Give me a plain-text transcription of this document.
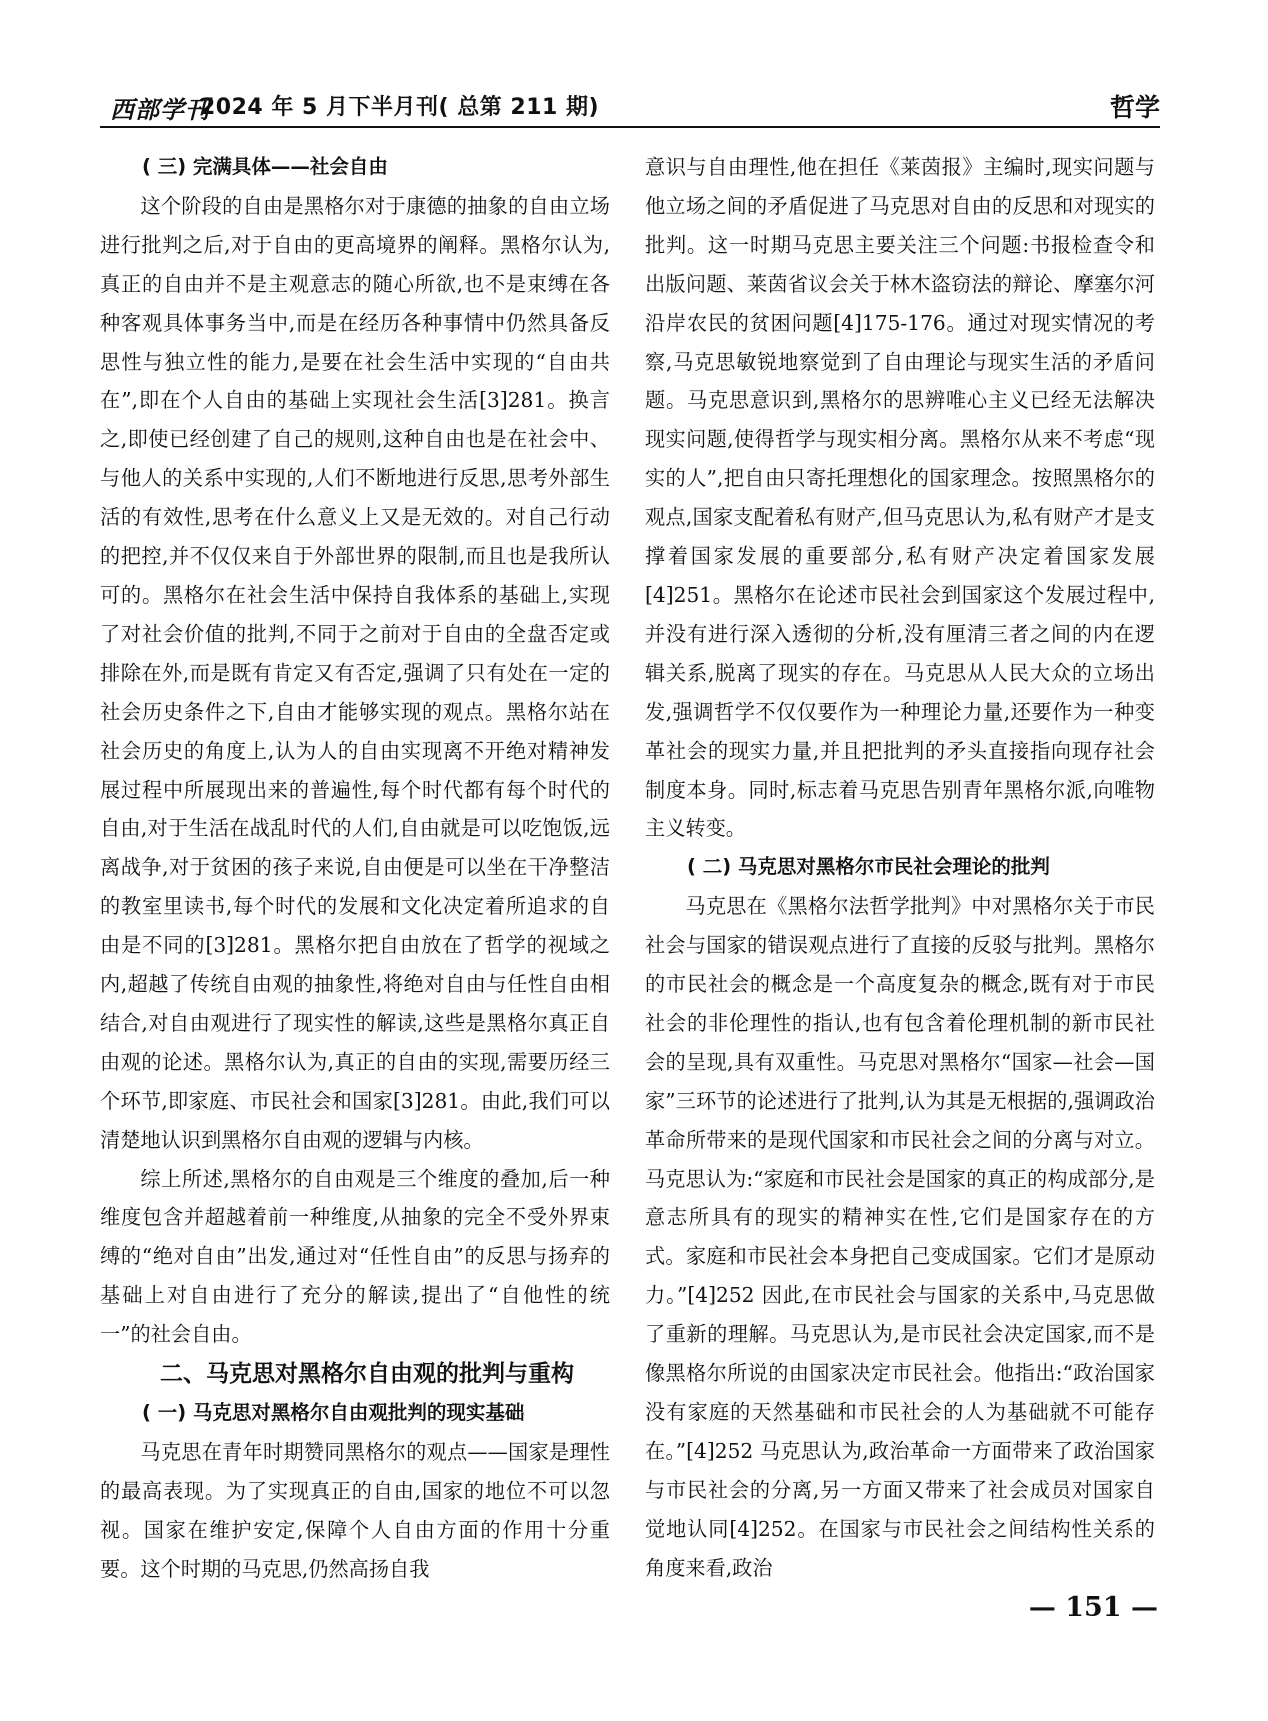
西部学刊
2024 年 5 月下半月刊( 总第 211 期)	哲学
( 三) 完满具体——社会自由

这个阶段的自由是黑格尔对于康德的抽象的自由立场进行批判之后,对于自由的更高境界的阐释。黑格尔认为,真正的自由并不是主观意志的随心所欲,也不是束缚在各种客观具体事务当中,而是在经历各种事情中仍然具备反思性与独立性的能力,是要在社会生活中实现的“自由共在”,即在个人自由的基础上实现社会生活[3]281。换言之,即使已经创建了自己的规则,这种自由也是在社会中、与他人的关系中实现的,人们不断地进行反思,思考外部生活的有效性,思考在什么意义上又是无效的。对自己行动的把控,并不仅仅来自于外部世界的限制,而且也是我所认可的。黑格尔在社会生活中保持自我体系的基础上,实现了对社会价值的批判,不同于之前对于自由的全盘否定或排除在外,而是既有肯定又有否定,强调了只有处在一定的社会历史条件之下,自由才能够实现的观点。黑格尔站在社会历史的角度上,认为人的自由实现离不开绝对精神发展过程中所展现出来的普遍性,每个时代都有每个时代的自由,对于生活在战乱时代的人们,自由就是可以吃饱饭,远离战争,对于贫困的孩子来说,自由便是可以坐在干净整洁的教室里读书,每个时代的发展和文化决定着所追求的自由是不同的[3]281。黑格尔把自由放在了哲学的视域之内,超越了传统自由观的抽象性,将绝对自由与任性自由相结合,对自由观进行了现实性的解读,这些是黑格尔真正自由观的论述。黑格尔认为,真正的自由的实现,需要历经三个环节,即家庭、市民社会和国家[3]281。由此,我们可以清楚地认识到黑格尔自由观的逻辑与内核。

综上所述,黑格尔的自由观是三个维度的叠加,后一种维度包含并超越着前一种维度,从抽象的完全不受外界束缚的“绝对自由”出发,通过对“任性自由”的反思与扬弃的基础上对自由进行了充分的解读,提出了“自他性的统一”的社会自由。

二、马克思对黑格尔自由观的批判与重构
( 一) 马克思对黑格尔自由观批判的现实基础

马克思在青年时期赞同黑格尔的观点——国家是理性的最高表现。为了实现真正的自由,国家的地位不可以忽视。国家在维护安定,保障个人自由方面的作用十分重要。这个时期的马克思,仍然高扬自我

意识与自由理性,他在担任《莱茵报》主编时,现实问题与他立场之间的矛盾促进了马克思对自由的反思和对现实的批判。这一时期马克思主要关注三个问题:书报检查令和出版问题、莱茵省议会关于林木盗窃法的辩论、摩塞尔河沿岸农民的贫困问题[4]175-176。通过对现实情况的考察,马克思敏锐地察觉到了自由理论与现实生活的矛盾问题。马克思意识到,黑格尔的思辨唯心主义已经无法解决现实问题,使得哲学与现实相分离。黑格尔从来不考虑“现实的人”,把自由只寄托理想化的国家理念。按照黑格尔的观点,国家支配着私有财产,但马克思认为,私有财产才是支撑着国家发展的重要部分,私有财产决定着国家发展[4]251。黑格尔在论述市民社会到国家这个发展过程中,并没有进行深入透彻的分析,没有厘清三者之间的内在逻辑关系,脱离了现实的存在。马克思从人民大众的立场出发,强调哲学不仅仅要作为一种理论力量,还要作为一种变革社会的现实力量,并且把批判的矛头直接指向现存社会制度本身。同时,标志着马克思告别青年黑格尔派,向唯物主义转变。

( 二) 马克思对黑格尔市民社会理论的批判

马克思在《黑格尔法哲学批判》中对黑格尔关于市民社会与国家的错误观点进行了直接的反驳与批判。黑格尔的市民社会的概念是一个高度复杂的概念,既有对于市民社会的非伦理性的指认,也有包含着伦理机制的新市民社会的呈现,具有双重性。马克思对黑格尔“国家—社会—国家”三环节的论述进行了批判,认为其是无根据的,强调政治革命所带来的是现代国家和市民社会之间的分离与对立。马克思认为:“家庭和市民社会是国家的真正的构成部分,是意志所具有的现实的精神实在性,它们是国家存在的方式。家庭和市民社会本身把自己变成国家。它们才是原动力。”[4]252 因此,在市民社会与国家的关系中,马克思做了重新的理解。马克思认为,是市民社会决定国家,而不是像黑格尔所说的由国家决定市民社会。他指出:“政治国家没有家庭的天然基础和市民社会的人为基础就不可能存在。”[4]252 马克思认为,政治革命一方面带来了政治国家与市民社会的分离,另一方面又带来了社会成员对国家自觉地认同[4]252。在国家与市民社会之间结构性关系的角度来看,政治

— 151 —
